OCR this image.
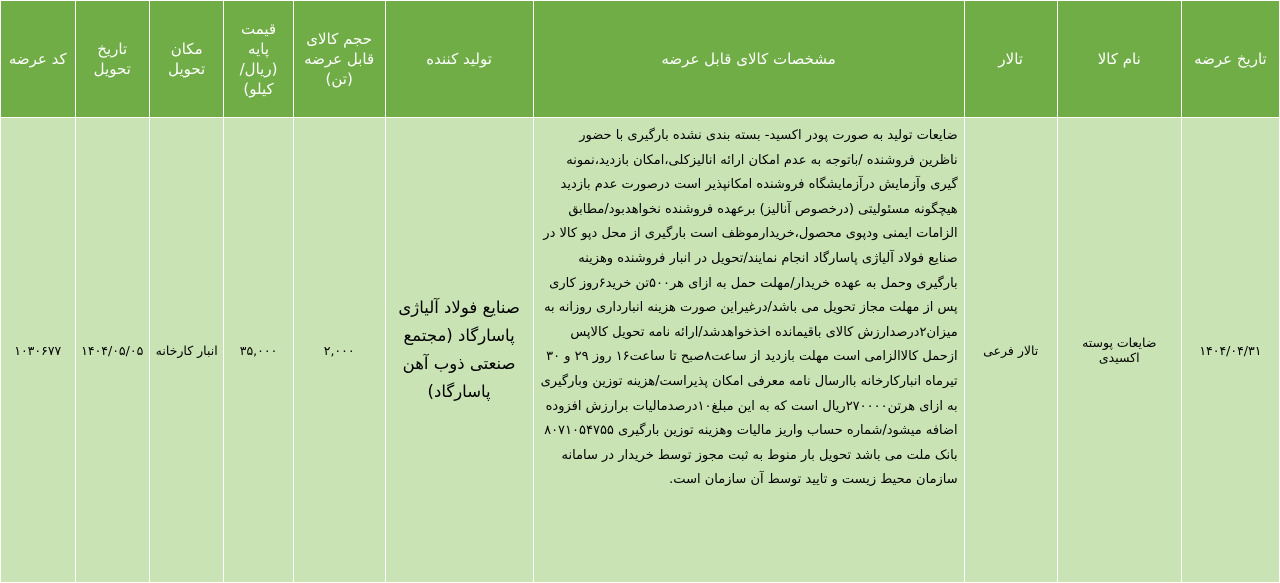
تاریخ عرضه	نام کالا	تالار	مشخصات کالای قابل عرضه	تولید کننده	حجم کالای
قابل عرضه
(تن)	قیمت
پایه
(ریال/
کیلو)	مکان
تحویل	تاریخ
تحویل	کد عرضه
۱۴۰۴/۰۴/۳۱	ضایعات پوسته اکسیدی	تالار فرعی	ضایعات تولید به صورت پودر اکسید- بسته بندی نشده بارگیری با حضور ناظرین فروشنده /باتوجه به عدم امکان ارائه انالیزکلی،امکان بازدید،نمونه گیری وآزمایش درآزمایشگاه فروشنده امکانپذیر است درصورت عدم بازدید هیچگونه مسئولیتی (درخصوص آنالیز) برعهده فروشنده نخواهدبود/مطابق الزامات ایمنی ودپوی محصول،خریدارموظف است بارگیری از محل دپو کالا در صنایع فولاد آلیاژی پاسارگاد انجام نمایند/تحویل در انبار فروشنده وهزینه بارگیری وحمل به عهده خریدار/مهلت حمل به ازای هر۵۰۰تن خرید۶روز کاری پس از مهلت مجاز تحویل می باشد/درغیراین صورت هزینه انبارداری روزانه به میزان۲درصدارزش کالای باقیمانده اخذخواهدشد/ارائه نامه تحویل کالاپس ازحمل کالاالزامی است مهلت بازدید از ساعت۸صبح تا ساعت۱۶ روز ۲۹ و ۳۰ تیرماه انبارکارخانه باارسال نامه معرفی امکان پذیراست/هزینه توزین وبارگیری به ازای هرتن۲۷۰۰۰۰ریال است که به این مبلغ۱۰درصدمالیات برارزش افزوده اضافه میشود/شماره حساب واریز مالیات وهزینه توزین بارگیری ۸۰۷۱۰۵۴۷۵۵ بانک ملت می باشد تحویل بار منوط به ثبت مجوز توسط خریدار در سامانه سازمان محیط زیست و تایید توسط آن سازمان است.	صنایع فولاد آلیاژی پاسارگاد (مجتمع صنعتی ذوب آهن پاسارگاد)	۲,۰۰۰	۳۵,۰۰۰	انبار کارخانه	۱۴۰۴/۰۵/۰۵	۱۰۳۰۶۷۷
